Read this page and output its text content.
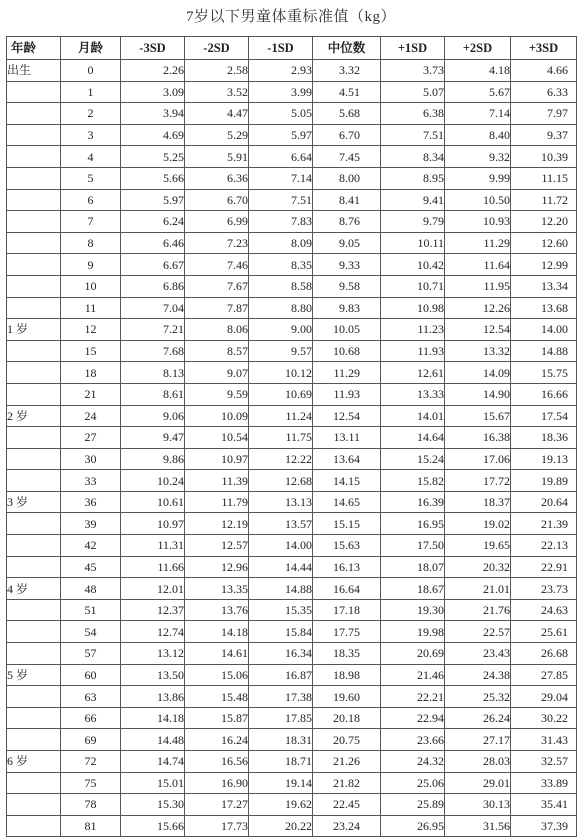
7岁以下男童体重标准值（kg）
年龄	月龄	-3SD	-2SD	-1SD	中位数	+1SD	+2SD	+3SD
出生	0	2.26	2.58	2.93	3.32	3.73	4.18	4.66
	1	3.09	3.52	3.99	4.51	5.07	5.67	6.33
	2	3.94	4.47	5.05	5.68	6.38	7.14	7.97
	3	4.69	5.29	5.97	6.70	7.51	8.40	9.37
	4	5.25	5.91	6.64	7.45	8.34	9.32	10.39
	5	5.66	6.36	7.14	8.00	8.95	9.99	11.15
	6	5.97	6.70	7.51	8.41	9.41	10.50	11.72
	7	6.24	6.99	7.83	8.76	9.79	10.93	12.20
	8	6.46	7.23	8.09	9.05	10.11	11.29	12.60
	9	6.67	7.46	8.35	9.33	10.42	11.64	12.99
	10	6.86	7.67	8.58	9.58	10.71	11.95	13.34
	11	7.04	7.87	8.80	9.83	10.98	12.26	13.68
1 岁	12	7.21	8.06	9.00	10.05	11.23	12.54	14.00
	15	7.68	8.57	9.57	10.68	11.93	13.32	14.88
	18	8.13	9.07	10.12	11.29	12.61	14.09	15.75
	21	8.61	9.59	10.69	11.93	13.33	14.90	16.66
2 岁	24	9.06	10.09	11.24	12.54	14.01	15.67	17.54
	27	9.47	10.54	11.75	13.11	14.64	16.38	18.36
	30	9.86	10.97	12.22	13.64	15.24	17.06	19.13
	33	10.24	11.39	12.68	14.15	15.82	17.72	19.89
3 岁	36	10.61	11.79	13.13	14.65	16.39	18.37	20.64
	39	10.97	12.19	13.57	15.15	16.95	19.02	21.39
	42	11.31	12.57	14.00	15.63	17.50	19.65	22.13
	45	11.66	12.96	14.44	16.13	18.07	20.32	22.91
4 岁	48	12.01	13.35	14.88	16.64	18.67	21.01	23.73
	51	12.37	13.76	15.35	17.18	19.30	21.76	24.63
	54	12.74	14.18	15.84	17.75	19.98	22.57	25.61
	57	13.12	14.61	16.34	18.35	20.69	23.43	26.68
5 岁	60	13.50	15.06	16.87	18.98	21.46	24.38	27.85
	63	13.86	15.48	17.38	19.60	22.21	25.32	29.04
	66	14.18	15.87	17.85	20.18	22.94	26.24	30.22
	69	14.48	16.24	18.31	20.75	23.66	27.17	31.43
6 岁	72	14.74	16.56	18.71	21.26	24.32	28.03	32.57
	75	15.01	16.90	19.14	21.82	25.06	29.01	33.89
	78	15.30	17.27	19.62	22.45	25.89	30.13	35.41
	81	15.66	17.73	20.22	23.24	26.95	31.56	37.39
